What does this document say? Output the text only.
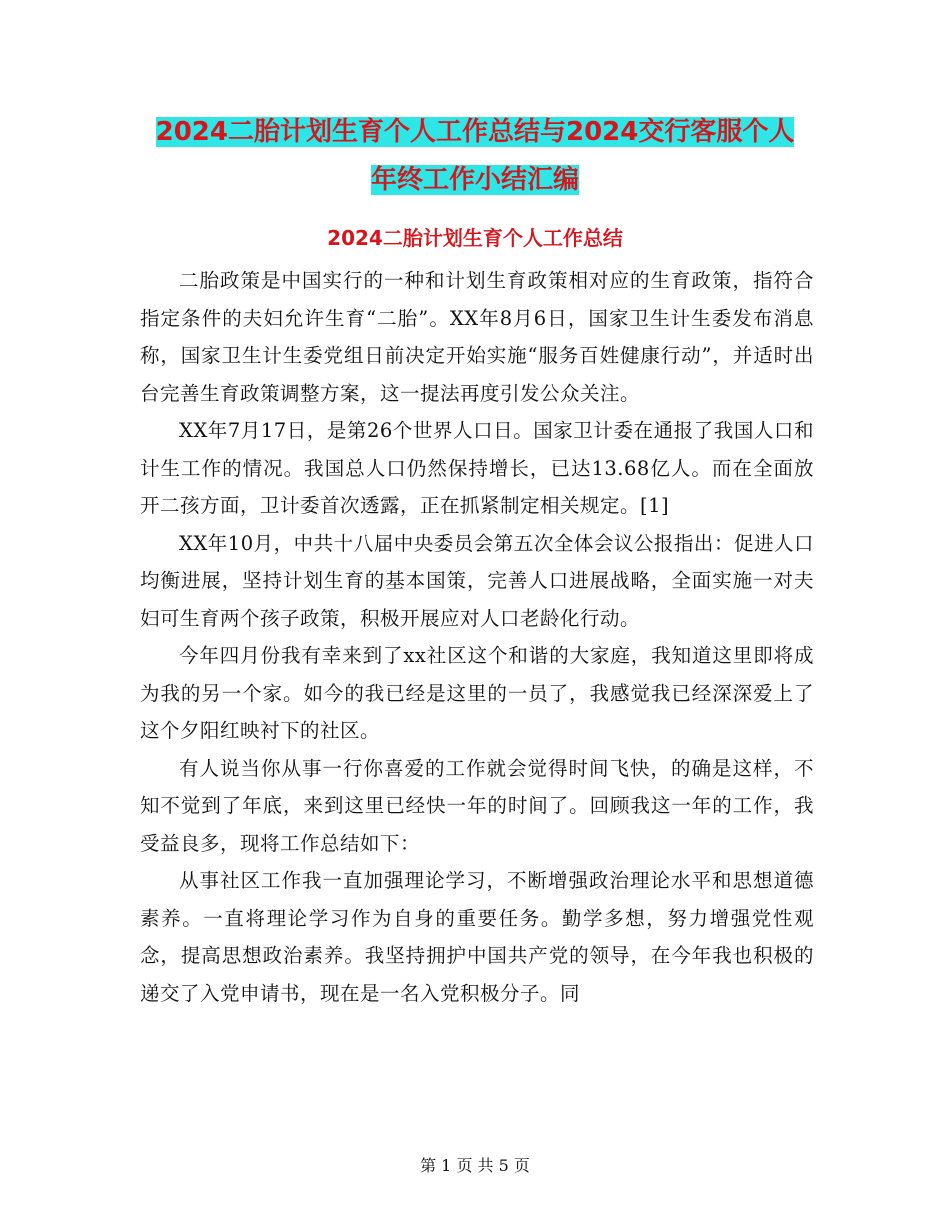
2024二胎计划生育个人工作总结与2024交行客服个人
年终工作小结汇编
2024二胎计划生育个人工作总结

二胎政策是中国实行的一种和计划生育政策相对应的生育政策，指符合指定条件的夫妇允许生育“二胎”。XX年8月6日，国家卫生计生委发布消息称，国家卫生计生委党组日前决定开始实施“服务百姓健康行动”，并适时出台完善生育政策调整方案，这一提法再度引发公众关注。

XX年7月17日，是第26个世界人口日。国家卫计委在通报了我国人口和计生工作的情况。我国总人口仍然保持增长，已达13.68亿人。而在全面放开二孩方面，卫计委首次透露，正在抓紧制定相关规定。[1]

XX年10月，中共十八届中央委员会第五次全体会议公报指出：促进人口均衡进展，坚持计划生育的基本国策，完善人口进展战略，全面实施一对夫妇可生育两个孩子政策，积极开展应对人口老龄化行动。

今年四月份我有幸来到了xx社区这个和谐的大家庭，我知道这里即将成为我的另一个家。如今的我已经是这里的一员了，我感觉我已经深深爱上了这个夕阳红映衬下的社区。

有人说当你从事一行你喜爱的工作就会觉得时间飞快，的确是这样，不知不觉到了年底，来到这里已经快一年的时间了。回顾我这一年的工作，我受益良多，现将工作总结如下：

从事社区工作我一直加强理论学习，不断增强政治理论水平和思想道德素养。一直将理论学习作为自身的重要任务。勤学多想，努力增强党性观念，提高思想政治素养。我坚持拥护中国共产党的领导，在今年我也积极的递交了入党申请书，现在是一名入党积极分子。同

第 1 页 共 5 页
